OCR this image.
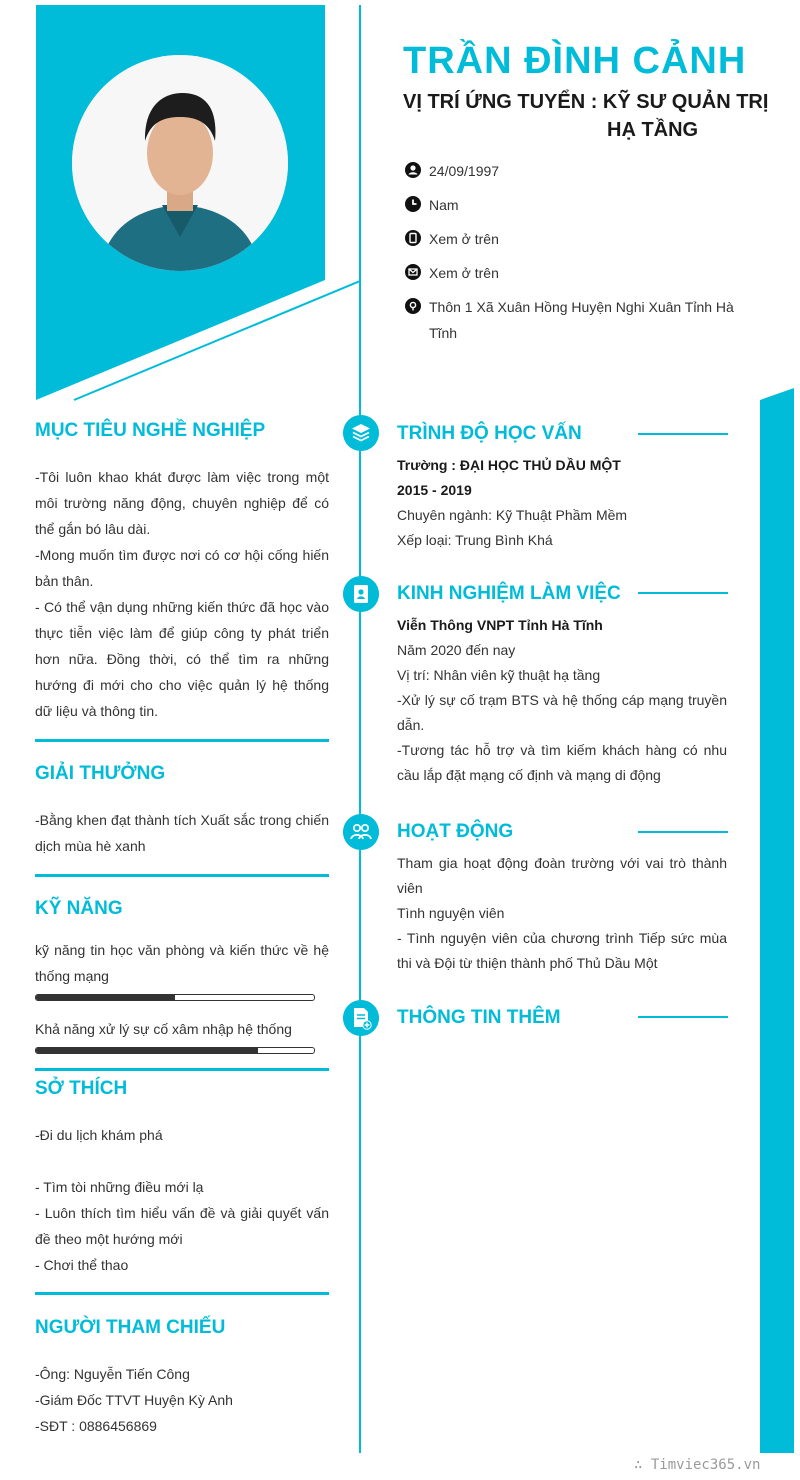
TRẦN ĐÌNH CẢNH
VỊ TRÍ ỨNG TUYỂN : KỸ SƯ QUẢN TRỊ
HẠ TẦNG
24/09/1997
Nam
Xem ở trên
Xem ở trên
Thôn 1 Xã Xuân Hồng Huyện Nghi Xuân Tỉnh Hà Tĩnh
MỤC TIÊU NGHỀ NGHIỆP
-Tôi luôn khao khát được làm việc trong một môi trường năng động, chuyên nghiệp để có thể gắn bó lâu dài.
-Mong muốn tìm được nơi có cơ hội cống hiến bản thân.
- Có thể vận dụng những kiến thức đã học vào thực tiễn việc làm để giúp công ty phát triển hơn nữa. Đồng thời, có thể tìm ra những hướng đi mới cho cho việc quản lý hệ thống dữ liệu và thông tin.
GIẢI THƯỞNG
-Bằng khen đạt thành tích Xuất sắc trong chiến dịch mùa hè xanh
KỸ NĂNG
kỹ năng tin học văn phòng và kiến thức về hệ thống mạng
Khả năng xử lý sự cố xâm nhập hệ thống
SỞ THÍCH
-Đi du lịch khám phá
- Tìm tòi những điều mới lạ
- Luôn thích tìm hiểu vấn đề và giải quyết vấn đề theo một hướng mới
- Chơi thể thao
NGƯỜI THAM CHIẾU
-Ông: Nguyễn Tiến Công
-Giám Đốc TTVT Huyện Kỳ Anh
-SĐT : 0886456869
TRÌNH ĐỘ HỌC VẤN
Trường : ĐẠI HỌC THỦ DẦU MỘT
2015 - 2019
Chuyên ngành: Kỹ Thuật Phầm Mềm
Xếp loại: Trung Bình Khá
KINH NGHIỆM LÀM VIỆC
Viễn Thông VNPT Tỉnh Hà Tĩnh
Năm 2020 đến nay
Vị trí: Nhân viên kỹ thuật hạ tầng
-Xử lý sự cố trạm BTS và hệ thống cáp mạng truyền dẫn.
-Tương tác hỗ trợ và tìm kiếm khách hàng có nhu cầu lắp đặt mạng cố định và mạng di động
HOẠT ĐỘNG
Tham gia hoạt động đoàn trường với vai trò thành viên
Tình nguyện viên
- Tình nguyện viên của chương trình Tiếp sức mùa thi và Đội từ thiện thành phố Thủ Dầu Một
THÔNG TIN THÊM
∴ Timviec365.vn
